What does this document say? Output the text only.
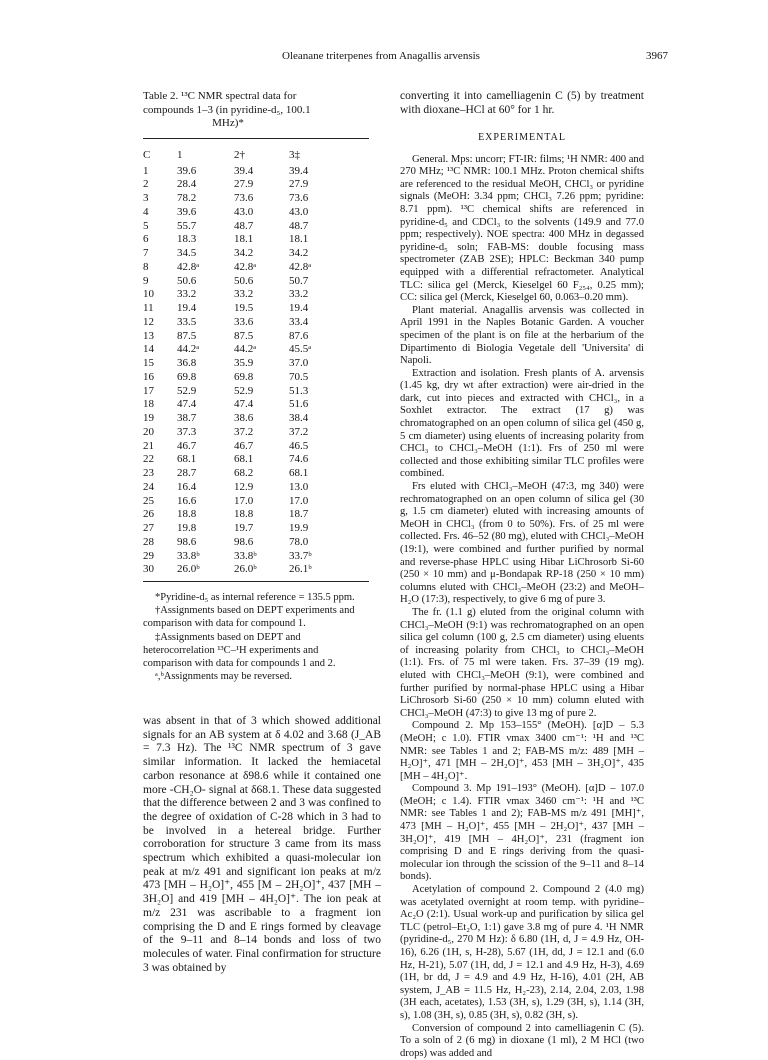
Oleanane triterpenes from Anagallis arvensis	3967
Table 2. ¹³C NMR spectral data for
compounds 1–3 (in pyridine-d₅, 100.1
MHz)*
C	1	2†	3‡
1	39.6	39.4	39.4
2	28.4	27.9	27.9
3	78.2	73.6	73.6
4	39.6	43.0	43.0
5	55.7	48.7	48.7
6	18.3	18.1	18.1
7	34.5	34.2	34.2
8	42.8ᵃ	42.8ᵃ	42.8ᵃ
9	50.6	50.6	50.7
10	33.2	33.2	33.2
11	19.4	19.5	19.4
12	33.5	33.6	33.4
13	87.5	87.5	87.6
14	44.2ᵃ	44.2ᵃ	45.5ᵃ
15	36.8	35.9	37.0
16	69.8	69.8	70.5
17	52.9	52.9	51.3
18	47.4	47.4	51.6
19	38.7	38.6	38.4
20	37.3	37.2	37.2
21	46.7	46.7	46.5
22	68.1	68.1	74.6
23	28.7	68.2	68.1
24	16.4	12.9	13.0
25	16.6	17.0	17.0
26	18.8	18.8	18.7
27	19.8	19.7	19.9
28	98.6	98.6	78.0
29	33.8ᵇ	33.8ᵇ	33.7ᵇ
30	26.0ᵇ	26.0ᵇ	26.1ᵇ

*Pyridine-d₅ as internal reference = 135.5 ppm.

†Assignments based on DEPT experiments and comparison with data for compound 1.

‡Assignments based on DEPT and heterocorrelation ¹³C–¹H experiments and comparison with data for compounds 1 and 2.

ᵃ,ᵇAssignments may be reversed.

was absent in that of 3 which showed additional signals for an AB system at δ 4.02 and 3.68 (J_AB = 7.3 Hz). The ¹³C NMR spectrum of 3 gave similar information. It lacked the hemiacetal carbon resonance at δ98.6 while it contained one more -CH₂O- signal at δ68.1. These data suggested that the difference between 2 and 3 was confined to the degree of oxidation of C-28 which in 3 had to be involved in a hetereal bridge. Further corroboration for structure 3 came from its mass spectrum which exhibited a quasi-molecular ion peak at m/z 491 and significant ion peaks at m/z 473 [MH – H₂O]⁺, 455 [M – 2H₂O]⁺, 437 [MH – 3H₂O] and 419 [MH – 4H₂O]⁺. The ion peak at m/z 231 was ascribable to a fragment ion comprising the D and E rings formed by cleavage of the 9–11 and 8–14 bonds and loss of two molecules of water. Final confirmation for structure 3 was obtained by

converting it into camelliagenin C (5) by treatment with dioxane–HCl at 60° for 1 hr.

EXPERIMENTAL

General. Mps: uncorr; FT-IR: films; ¹H NMR: 400 and 270 MHz; ¹³C NMR: 100.1 MHz. Proton chemical shifts are referenced to the residual MeOH, CHCl₃ or pyridine signals (MeOH: 3.34 ppm; CHCl₃ 7.26 ppm; pyridine: 8.71 ppm). ¹³C chemical shifts are referenced in pyridine-d₅ and CDCl₃ to the solvents (149.9 and 77.0 ppm; respectively). NOE spectra: 400 MHz in degassed pyridine-d₅ soln; FAB-MS: double focusing mass spectrometer (ZAB 2SE); HPLC: Beckman 340 pump equipped with a differential refractometer. Analytical TLC: silica gel (Merck, Kieselgel 60 F₂₅₄, 0.25 mm); CC: silica gel (Merck, Kieselgel 60, 0.063–0.20 mm).

Plant material. Anagallis arvensis was collected in April 1991 in the Naples Botanic Garden. A voucher specimen of the plant is on file at the herbarium of the Dipartimento di Biologia Vegetale dell 'Universita' di Napoli.

Extraction and isolation. Fresh plants of A. arvensis (1.45 kg, dry wt after extraction) were air-dried in the dark, cut into pieces and extracted with CHCl₃, in a Soxhlet extractor. The extract (17 g) was chromatographed on an open column of silica gel (450 g, 5 cm diameter) using eluents of increasing polarity from CHCl₃ to CHCl₃–MeOH (1:1). Frs of 250 ml were collected and those exhibiting similar TLC profiles were combined.

Frs eluted with CHCl₃–MeOH (47:3, mg 340) were rechromatographed on an open column of silica gel (30 g, 1.5 cm diameter) eluted with increasing amounts of MeOH in CHCl₃ (from 0 to 50%). Frs. of 25 ml were collected. Frs. 46–52 (80 mg), eluted with CHCl₃–MeOH (19:1), were combined and further purified by normal and reverse-phase HPLC using Hibar LiChrosorb Si-60 (250 × 10 mm) and μ-Bondapak RP-18 (250 × 10 mm) columns eluted with CHCl₃–MeOH (23:2) and MeOH–H₂O (17:3), respectively, to give 6 mg of pure 3.

The fr. (1.1 g) eluted from the original column with CHCl₃–MeOH (9:1) was rechromatographed on an open silica gel column (100 g, 2.5 cm diameter) using eluents of increasing polarity from CHCl₃ to CHCl₃–MeOH (1:1). Frs. of 75 ml were taken. Frs. 37–39 (19 mg). eluted with CHCl₃–MeOH (9:1), were combined and further purified by normal-phase HPLC using a Hibar LiChrosorb Si-60 (250 × 10 mm) column eluted with CHCl₃–MeOH (47:3) to give 13 mg of pure 2.

Compound 2. Mp 153–155° (MeOH). [α]D – 5.3 (MeOH; c 1.0). FTIR νmax 3400 cm⁻¹: ¹H and ¹³C NMR: see Tables 1 and 2; FAB-MS m/z: 489 [MH – H₂O]⁺, 471 [MH – 2H₂O]⁺, 453 [MH – 3H₂O]⁺, 435 [MH – 4H₂O]⁺.

Compound 3. Mp 191–193° (MeOH). [α]D – 107.0 (MeOH; c 1.4). FTIR νmax 3460 cm⁻¹: ¹H and ¹³C NMR: see Tables 1 and 2); FAB-MS m/z 491 [MH]⁺, 473 [MH – H₂O]⁺, 455 [MH – 2H₂O]⁺, 437 [MH – 3H₂O]⁺, 419 [MH – 4H₂O]⁺, 231 (fragment ion comprising D and E rings deriving from the quasi-molecular ion through the scission of the 9–11 and 8–14 bonds).

Acetylation of compound 2. Compound 2 (4.0 mg) was acetylated overnight at room temp. with pyridine–Ac₂O (2:1). Usual work-up and purification by silica gel TLC (petrol–Et₂O, 1:1) gave 3.8 mg of pure 4. ¹H NMR (pyridine-d₅, 270 M Hz): δ 6.80 (1H, d, J = 4.9 Hz, OH-16), 6.26 (1H, s, H-28), 5.67 (1H, dd, J = 12.1 and (6.0 Hz, H-21), 5.07 (1H, dd, J = 12.1 and 4.9 Hz, H-3), 4.69 (1H, br dd, J = 4.9 and 4.9 Hz, H-16), 4.01 (2H, AB system, J_AB = 11.5 Hz, H₂-23), 2.14, 2.04, 2.03, 1.98 (3H each, acetates), 1.53 (3H, s), 1.29 (3H, s), 1.14 (3H, s), 1.08 (3H, s), 0.85 (3H, s), 0.82 (3H, s).

Conversion of compound 2 into camelliagenin C (5). To a soln of 2 (6 mg) in dioxane (1 ml), 2 M HCl (two drops) was added and
